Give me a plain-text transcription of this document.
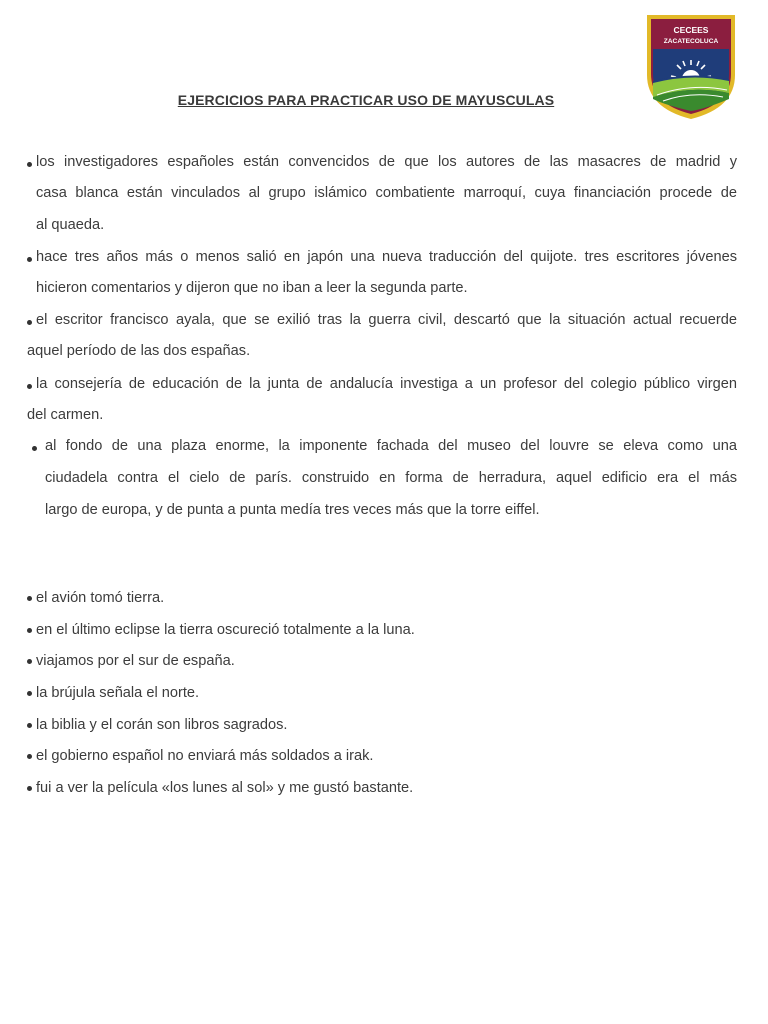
CECEES
ZACATECOLUCA
EJERCICIOS PARA PRACTICAR USO DE MAYUSCULAS
los investigadores españoles están convencidos de que los autores de las masacres de madrid y
casa blanca están vinculados al grupo islámico combatiente marroquí, cuya financiación procede de
al quaeda.
hace tres años más o menos salió en japón una nueva traducción del quijote. tres escritores jóvenes
hicieron comentarios y dijeron que no iban a leer la segunda parte.
el escritor francisco ayala, que se exilió tras la guerra civil, descartó que la situación actual recuerde
aquel período de las dos españas.
la consejería de educación de la junta de andalucía investiga a un profesor del colegio público virgen
del carmen.
al fondo de una plaza enorme, la imponente fachada del museo del louvre se eleva como una
ciudadela contra el cielo de parís. construido en forma de herradura, aquel edificio era el más
largo de europa, y de punta a punta medía tres veces más que la torre eiffel.
el avión tomó tierra.
en el último eclipse la tierra oscureció totalmente a la luna.
viajamos por el sur de españa.
la brújula señala el norte.
la biblia y el corán son libros sagrados.
el gobierno español no enviará más soldados a irak.
fui a ver la película «los lunes al sol» y me gustó bastante.
